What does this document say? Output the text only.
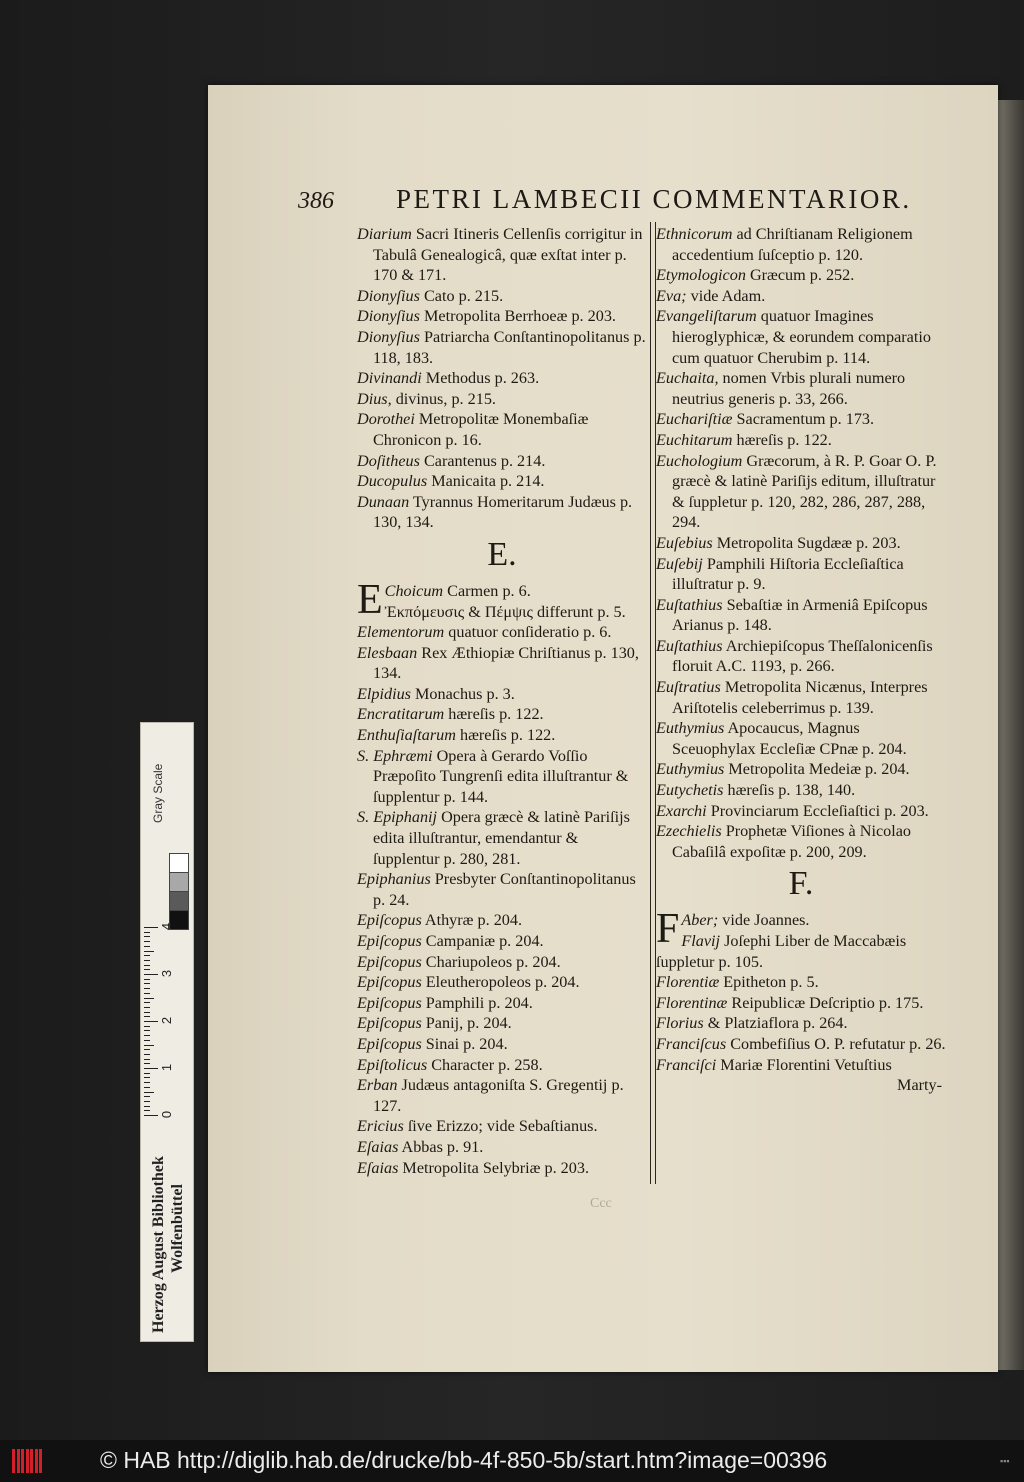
386 PETRI LAMBECII COMMENTARIOR.

Diarium Sacri Itineris Cellenſis corrigitur in Tabulâ Genealogicâ, quæ exſtat inter p. 170 & 171.

Dionyſius Cato p. 215.

Dionyſius Metropolita Berrhoeæ p. 203.

Dionyſius Patriarcha Conſtantinopolitanus p. 118, 183.

Divinandi Methodus p. 263.

Dius, divinus, p. 215.

Dorothei Metropolitæ Monembaſiæ Chronicon p. 16.

Doſitheus Carantenus p. 214.

Ducopulus Manicaita p. 214.

Dunaan Tyrannus Homeritarum Judæus p. 130, 134.

E.

E Choicum Carmen p. 6.
Ἐκπόμευσις & Πέμψις differunt p. 5.

Elementorum quatuor conſideratio p. 6.

Elesbaan Rex Æthiopiæ Chriſtianus p. 130, 134.

Elpidius Monachus p. 3.

Encratitarum hæreſis p. 122.

Enthuſiaſtarum hæreſis p. 122.

S. Ephræmi Opera à Gerardo Voſſio Præpoſito Tungrenſi edita illuſtrantur & ſupplentur p. 144.

S. Epiphanij Opera græcè & latinè Pariſijs edita illuſtrantur, emendantur & ſupplentur p. 280, 281.

Epiphanius Presbyter Conſtantinopolitanus p. 24.

Epiſcopus Athyræ p. 204.

Epiſcopus Campaniæ p. 204.

Epiſcopus Chariupoleos p. 204.

Epiſcopus Eleutheropoleos p. 204.

Epiſcopus Pamphili p. 204.

Epiſcopus Panij, p. 204.

Epiſcopus Sinai p. 204.

Epiſtolicus Character p. 258.

Erban Judæus antagoniſta S. Gregentij p. 127.

Ericius ſive Erizzo; vide Sebaſtianus.

Eſaias Abbas p. 91.

Eſaias Metropolita Selybriæ p. 203.

Ethnicorum ad Chriſtianam Religionem accedentium ſuſceptio p. 120.

Etymologicon Græcum p. 252.

Eva; vide Adam.

Evangeliſtarum quatuor Imagines hieroglyphicæ, & eorundem comparatio cum quatuor Cherubim p. 114.

Euchaita, nomen Vrbis plurali numero neutrius generis p. 33, 266.

Euchariſtiæ Sacramentum p. 173.

Euchitarum hæreſis p. 122.

Euchologium Græcorum, à R. P. Goar O. P. græcè & latinè Pariſijs editum, illuſtratur & ſuppletur p. 120, 282, 286, 287, 288, 294.

Euſebius Metropolita Sugdææ p. 203.

Euſebij Pamphili Hiſtoria Eccleſiaſtica illuſtratur p. 9.

Euſtathius Sebaſtiæ in Armeniâ Epiſcopus Arianus p. 148.

Euſtathius Archiepiſcopus Theſſalonicenſis floruit A.C. 1193, p. 266.

Euſtratius Metropolita Nicænus, Interpres Ariſtotelis celeberrimus p. 139.

Euthymius Apocaucus, Magnus Sceuophylax Eccleſiæ CPnæ p. 204.

Euthymius Metropolita Medeiæ p. 204.

Eutychetis hæreſis p. 138, 140.

Exarchi Provinciarum Eccleſiaſtici p. 203.

Ezechielis Prophetæ Viſiones à Nicolao Cabaſilâ expoſitæ p. 200, 209.

F.

F Aber; vide Joannes.
Flavij Joſephi Liber de Maccabæis ſuppletur p. 105.

Florentiæ Epitheton p. 5.

Florentinæ Reipublicæ Deſcriptio p. 175.

Florius & Platziaflora p. 264.

Franciſcus Combefiſius O. P. refutatur p. 26.

Franciſci Mariæ Florentini Vetuſtius

Marty-
Ccc
Gray Scale
0
1
2
3
4
Herzog August Bibliothek Wolfenbüttel
© HAB http://diglib.hab.de/drucke/bb-4f-850-5b/start.htm?image=00396	▪▪▪
